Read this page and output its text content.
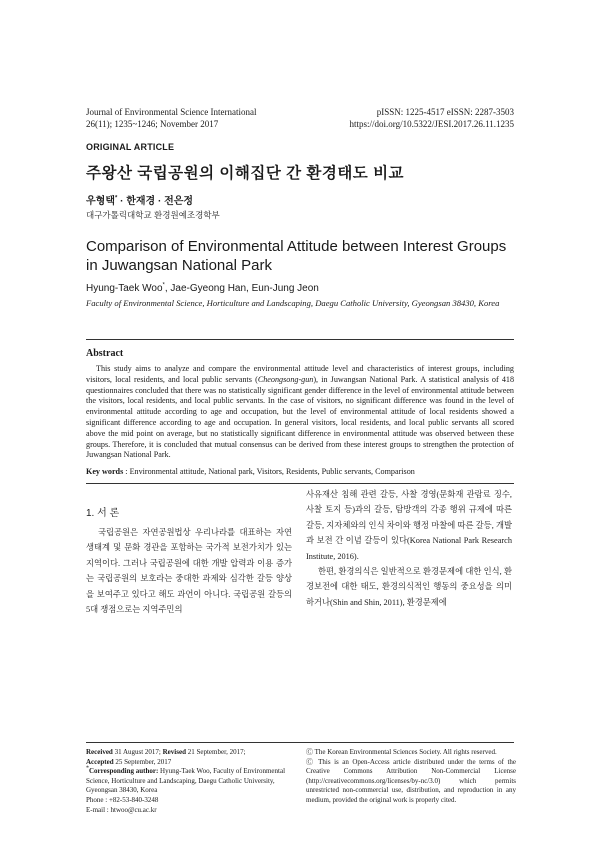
Journal of Environmental Science International
26(11); 1235~1246; November 2017
pISSN: 1225-4517 eISSN: 2287-3503
https://doi.org/10.5322/JESI.2017.26.11.1235
ORIGINAL ARTICLE
주왕산 국립공원의 이해집단 간 환경태도 비교
우형택* · 한재경 · 전은정
대구가톨릭대학교 환경원예조경학부
Comparison of Environmental Attitude between Interest Groups in Juwangsan National Park
Hyung-Taek Woo*, Jae-Gyeong Han, Eun-Jung Jeon
Faculty of Environmental Science, Horticulture and Landscaping, Daegu Catholic University, Gyeongsan 38430, Korea
Abstract
This study aims to analyze and compare the environmental attitude level and characteristics of interest groups, including visitors, local residents, and local public servants (Cheongsong-gun), in Juwangsan National Park. A statistical analysis of 418 questionnaires concluded that there was no statistically significant gender difference in the level of environmental attitude between the visitors, local residents, and local public servants. In the case of visitors, no significant difference was found in the level of environmental attitude according to age and occupation, but the level of environmental attitude of local residents showed a significant difference according to age and occupation. In general visitors, local residents, and local public servants all scored above the mid point on average, but no statistically significant difference in environmental attitude was observed between these groups. Therefore, it is concluded that mutual consensus can be derived from these interest groups to strengthen the protection of Juwangsan National Park.
Key words : Environmental attitude, National park, Visitors, Residents, Public servants, Comparison
1. 서 론

국립공원은 자연공원법상 우리나라를 대표하는 자연 생태계 및 문화 경관을 포함하는 국가적 보전가치가 있는 지역이다. 그러나 국립공원에 대한 개발 압력과 이용 증가는 국립공원의 보호라는 중대한 과제와 심각한 갈등 양상을 보여주고 있다고 해도 과언이 아니다. 국립공원 갈등의 5대 쟁점으로는 지역주민의

사유재산 침해 관련 갈등, 사찰 경영(문화재 관람료 징수, 사찰 토지 등)과의 갈등, 탐방객의 각종 행위 규제에 따른 갈등, 지자체와의 인식 차이와 행정 마찰에 따른 갈등, 개발과 보전 간 이념 갈등이 있다(Korea National Park Research Institute, 2016).

한편, 환경의식은 일반적으로 환경문제에 대한 인식, 환경보전에 대한 태도, 환경의식적인 행동의 중요성을 의미하거나(Shin and Shin, 2011), 환경문제에

Received 31 August 2017; Revised 21 September, 2017;
Accepted 25 September, 2017
*Corresponding author: Hyung-Taek Woo, Faculty of Environmental Science, Horticulture and Landscaping, Daegu Catholic University, Gyeongsan 38430, Korea
Phone : +82-53-840-3248
E-mail : htwoo@cu.ac.kr
Ⓒ The Korean Environmental Sciences Society. All rights reserved.
Ⓒ This is an Open-Access article distributed under the terms of the Creative Commons Attribution Non-Commercial License (http://creativecommons.org/licenses/by-nc/3.0) which permits unrestricted non-commercial use, distribution, and reproduction in any medium, provided the original work is properly cited.
